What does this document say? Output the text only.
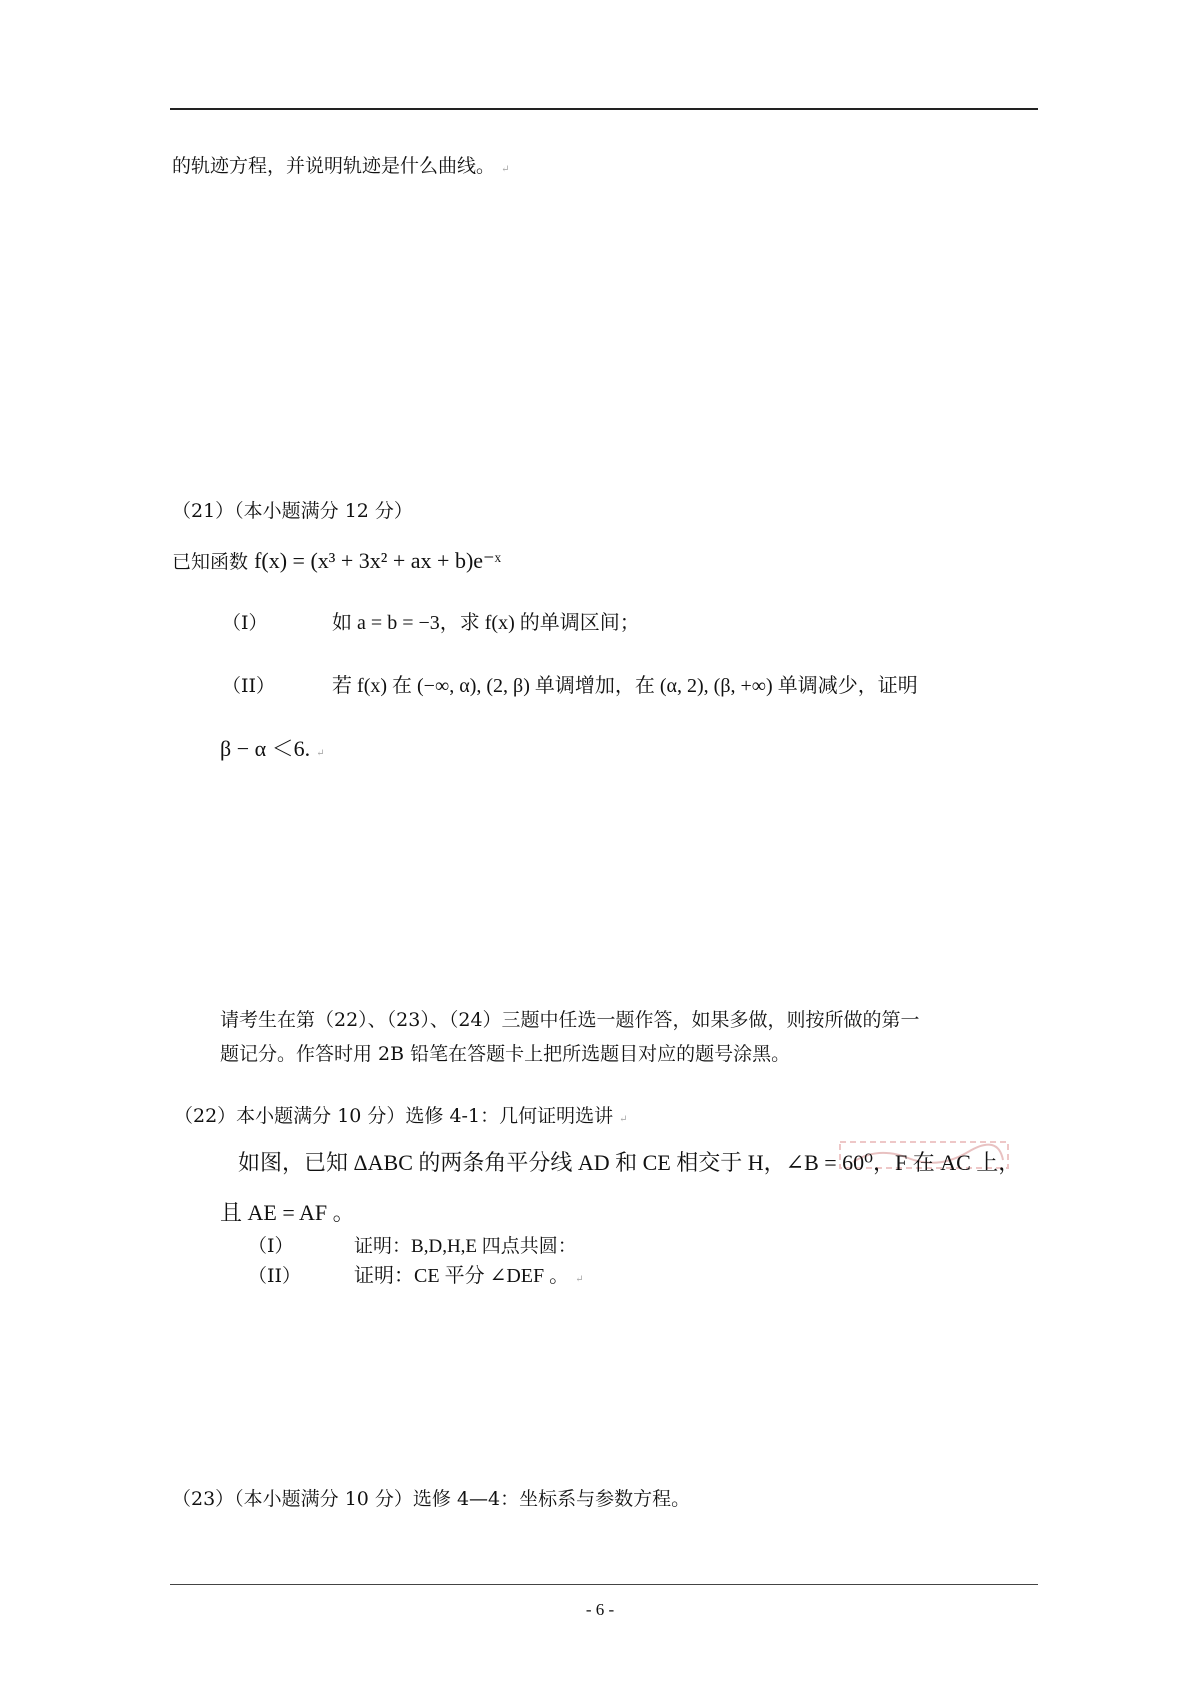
的轨迹方程，并说明轨迹是什么曲线。 ↵
（21）（本小题满分 12 分）
已知函数 f(x) = (x³ + 3x² + ax + b)e⁻ˣ
（I）	如 a = b = −3，求 f(x) 的单调区间；
（II）	若 f(x) 在 (−∞, α), (2, β) 单调增加，在 (α, 2), (β, +∞) 单调减少，证明
β − α ＜6. ↵
请考生在第（22）、（23）、（24）三题中任选一题作答，如果多做，则按所做的第一
题记分。作答时用 2B 铅笔在答题卡上把所选题目对应的题号涂黑。
（22）本小题满分 10 分）选修 4-1：几何证明选讲 ↵
如图，已知 ΔABC 的两条角平分线 AD 和 CE 相交于 H，∠B = 60⁰，F 在 AC 上，
且 AE = AF 。
（I）	证明：B,D,H,E 四点共圆：
（II）	证明：CE 平分 ∠DEF 。 ↵
（23）（本小题满分 10 分）选修 4—4：坐标系与参数方程。
- 6 -
